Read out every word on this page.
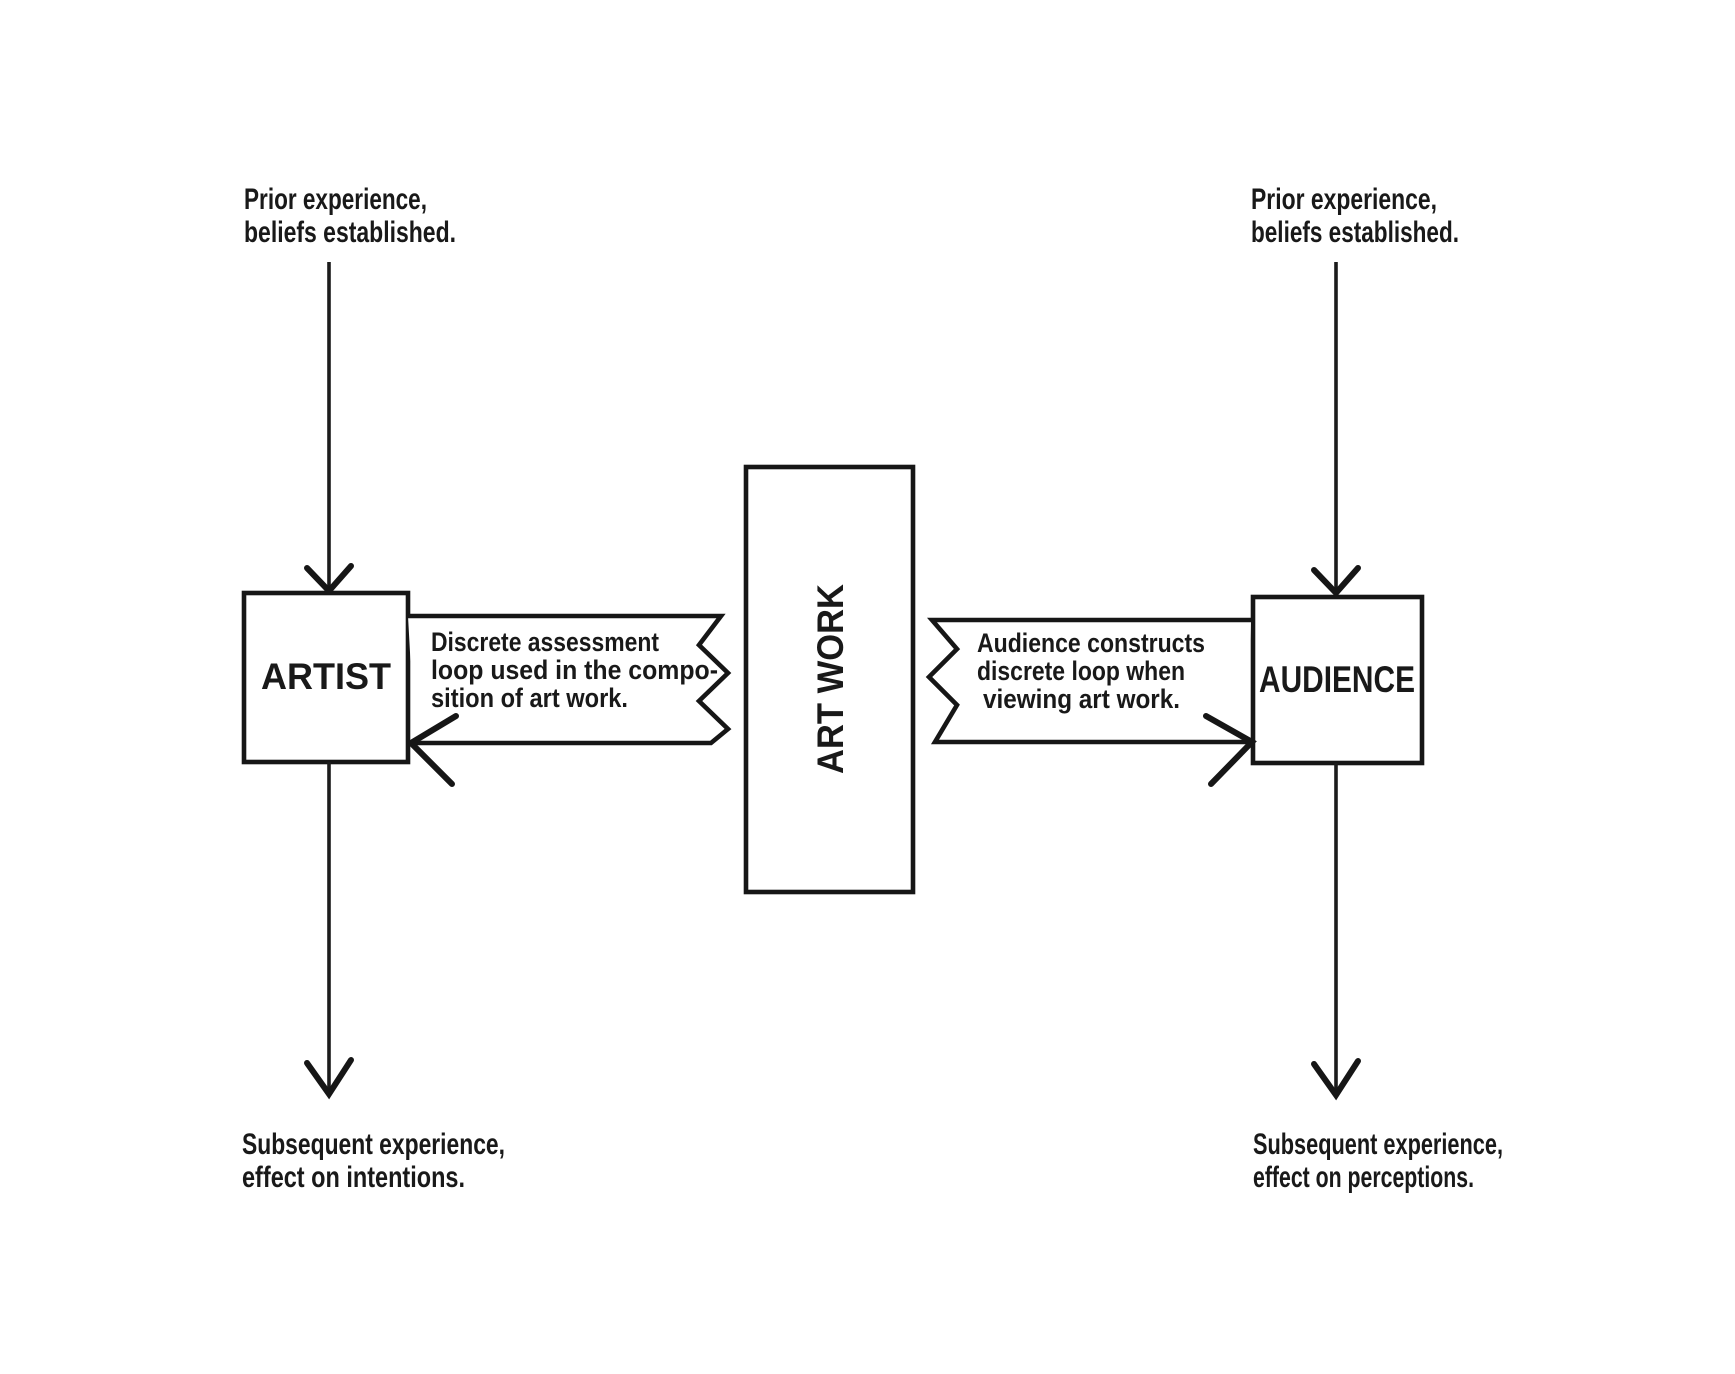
Prior experience,
beliefs established.
Prior experience,
beliefs established.
ARTIST	ART WORK	AUDIENCE
Discrete assessment
loop used in the compo-
sition of art work.
Audience constructs
discrete loop when
viewing art work.
Subsequent experience,
effect on intentions.
Subsequent experience,
effect on perceptions.
